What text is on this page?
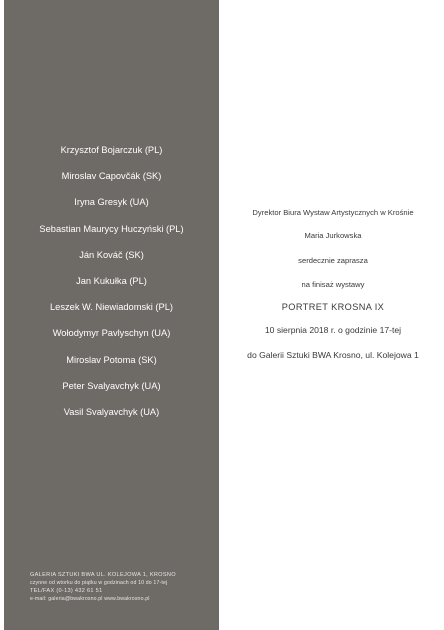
Krzysztof Bojarczuk (PL)
Miroslav Capovčák (SK)
Iryna Gresyk (UA)
Sebastian Maurycy Huczyński (PL)
Ján Kováč (SK)
Jan Kukułka (PL)
Leszek W. Niewiadomski (PL)
Wołodymyr Pavlyschyn (UA)
Miroslav Potoma (SK)
Peter Svalyavchyk (UA)
Vasil Svalyavchyk (UA)
GALERIA SZTUKI BWA UL. KOLEJOWA 1, KROSNO
czynne od wtorku do piątku w godzinach od 10 do 17-tej
TEL/FAX (0-13) 432 61 51
e-mail: galeria@bwakrosno.pl www.bwakrosno.pl
Dyrektor Biura Wystaw Artystycznych w Krośnie
Maria Jurkowska
serdecznie zaprasza
na finisaż wystawy
PORTRET KROSNA IX
10 sierpnia 2018 r. o godzinie 17-tej
do Galerii Sztuki BWA Krosno, ul. Kolejowa 1
